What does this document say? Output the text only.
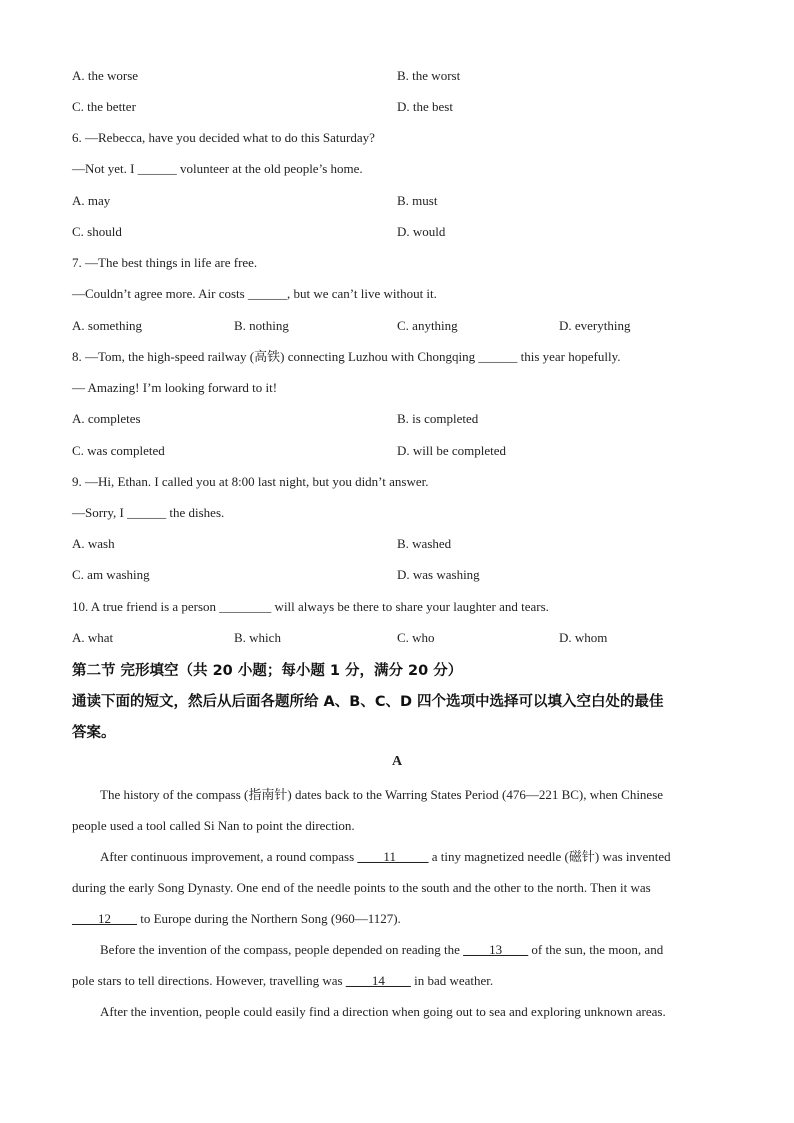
A. the worse	B. the worst
C. the better	D. the best
6. —Rebecca, have you decided what to do this Saturday?
—Not yet. I ______ volunteer at the old people’s home.
A. may	B. must
C. should	D. would
7. —The best things in life are free.
—Couldn’t agree more. Air costs ______, but we can’t live without it.
A. something	B. nothing	C. anything	D. everything
8. —Tom, the high-speed railway (高铁) connecting Luzhou with Chongqing ______ this year hopefully.
— Amazing! I’m looking forward to it!
A. completes	B. is completed
C. was completed	D. will be completed
9. —Hi, Ethan. I called you at 8:00 last night, but you didn’t answer.
—Sorry, I ______ the dishes.
A. wash	B. washed
C. am washing	D. was washing
10. A true friend is a person ________ will always be there to share your laughter and tears.
A. what	B. which	C. who	D. whom
第二节 完形填空（共 20 小题；每小题 1 分，满分 20 分）
通读下面的短文，然后从后面各题所给 A、B、C、D 四个选项中选择可以填入空白处的最佳
答案。
A
The history of the compass (指南针) dates back to the Warring States Period (476—221 BC), when Chinese
people used a tool called Si Nan to point the direction.
After continuous improvement, a round compass ____11_____ a tiny magnetized needle (磁针) was invented
during the early Song Dynasty. One end of the needle points to the south and the other to the north. Then it was
____12____ to Europe during the Northern Song (960—1127).
Before the invention of the compass, people depended on reading the ____13____ of the sun, the moon, and
pole stars to tell directions. However, travelling was ____14____ in bad weather.
After the invention, people could easily find a direction when going out to sea and exploring unknown areas.
